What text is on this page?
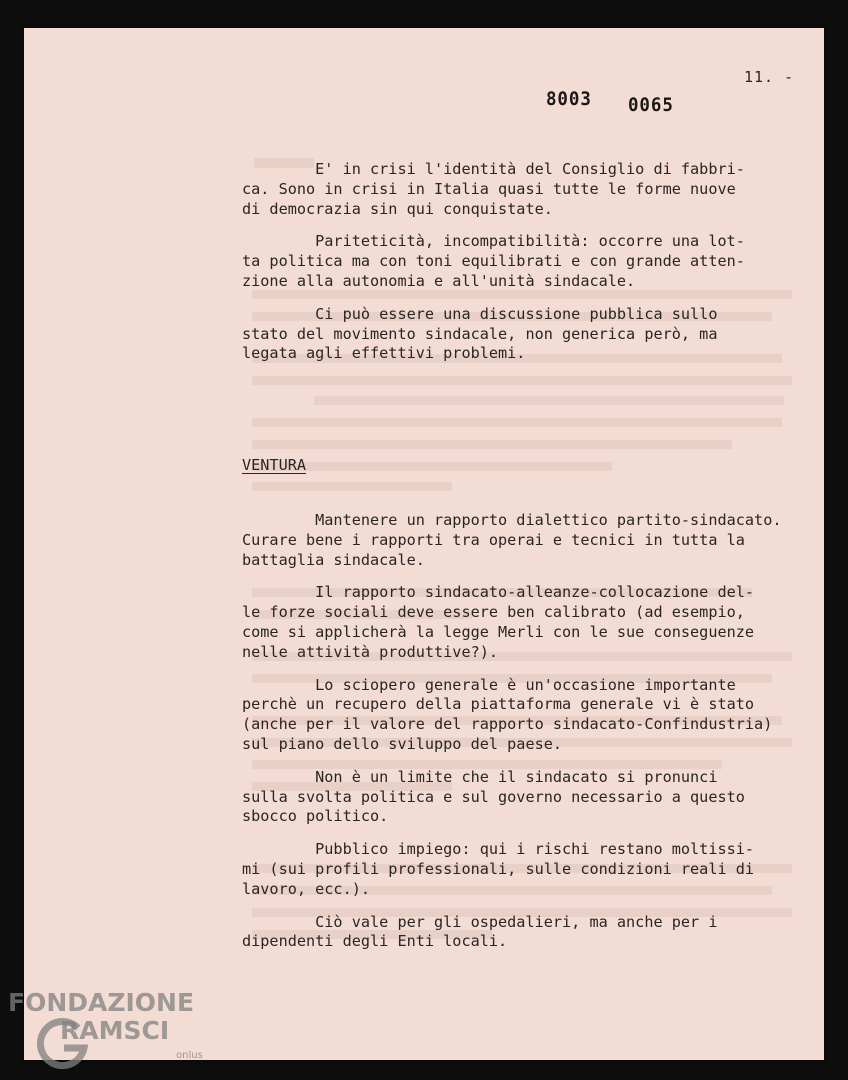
11. -
8003 0065

E' in crisi l'identità del Consiglio di fabbri-
ca. Sono in crisi in Italia quasi tutte le forme nuove
di democrazia sin qui conquistate.

Pariteticità, incompatibilità: occorre una lot-
ta politica ma con toni equilibrati e con grande atten-
zione alla autonomia e all'unità sindacale.

Ci può essere una discussione pubblica sullo
stato del movimento sindacale, non generica però, ma
legata agli effettivi problemi.

VENTURA

Mantenere un rapporto dialettico partito-sindacato.
Curare bene i rapporti tra operai e tecnici in tutta la
battaglia sindacale.

Il rapporto sindacato-alleanze-collocazione del-
le forze sociali deve essere ben calibrato (ad esempio,
come si applicherà la legge Merli con le sue conseguenze
nelle attività produttive?).

Lo sciopero generale è un'occasione importante
perchè un recupero della piattaforma generale vi è stato
(anche per il valore del rapporto sindacato-Confindustria)
sul piano dello sviluppo del paese.

Non è un limite che il sindacato si pronunci
sulla svolta politica e sul governo necessario a questo
sbocco politico.

Pubblico impiego: qui i rischi restano moltissi-
mi (sui profili professionali, sulle condizioni reali di
lavoro, ecc.).

Ciò vale per gli ospedalieri, ma anche per i
dipendenti degli Enti locali.

FONDAZIONE
RAMSCI
onlus
